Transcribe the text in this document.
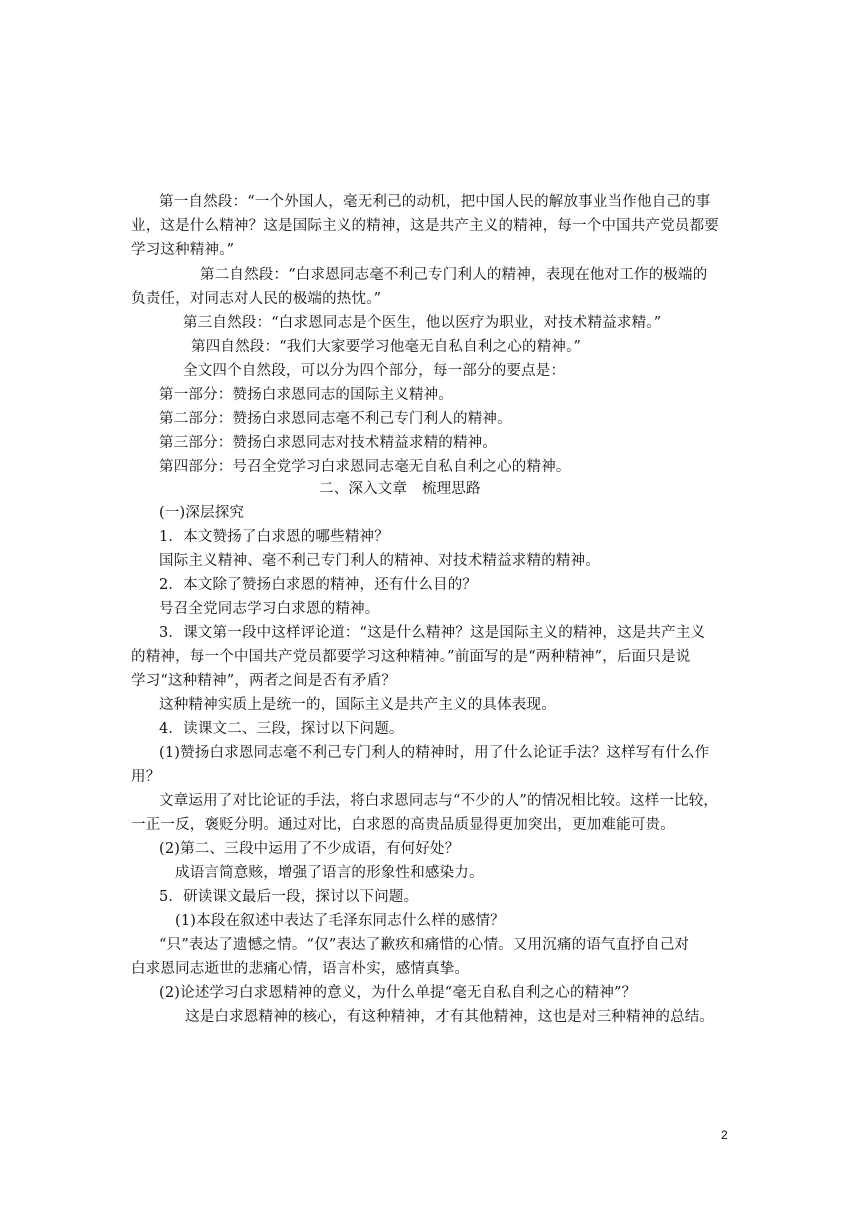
第一自然段：“一个外国人，毫无利己的动机，把中国人民的解放事业当作他自己的事
业，这是什么精神？这是国际主义的精神，这是共产主义的精神，每一个中国共产党员都要
学习这种精神。”
第二自然段：“白求恩同志毫不利己专门利人的精神，表现在他对工作的极端的
负责任，对同志对人民的极端的热忱。”
第三自然段：“白求恩同志是个医生，他以医疗为职业，对技术精益求精。”
第四自然段：“我们大家要学习他毫无自私自利之心的精神。”
全文四个自然段，可以分为四个部分，每一部分的要点是：
第一部分：赞扬白求恩同志的国际主义精神。
第二部分：赞扬白求恩同志毫不利己专门利人的精神。
第三部分：赞扬白求恩同志对技术精益求精的精神。
第四部分：号召全党学习白求恩同志毫无自私自利之心的精神。
二、深入文章　梳理思路
(一)深层探究
1．本文赞扬了白求恩的哪些精神？
国际主义精神、毫不利己专门利人的精神、对技术精益求精的精神。
2．本文除了赞扬白求恩的精神，还有什么目的？
号召全党同志学习白求恩的精神。
3．课文第一段中这样评论道：“这是什么精神？这是国际主义的精神，这是共产主义
的精神，每一个中国共产党员都要学习这种精神。”前面写的是“两种精神”，后面只是说
学习“这种精神”，两者之间是否有矛盾？
这种精神实质上是统一的，国际主义是共产主义的具体表现。
4．读课文二、三段，探讨以下问题。
(1)赞扬白求恩同志毫不利己专门利人的精神时，用了什么论证手法？这样写有什么作
用？
文章运用了对比论证的手法，将白求恩同志与“不少的人”的情况相比较。这样一比较，
一正一反，褒贬分明。通过对比，白求恩的高贵品质显得更加突出，更加难能可贵。
(2)第二、三段中运用了不少成语，有何好处？
成语言简意赅，增强了语言的形象性和感染力。
5．研读课文最后一段，探讨以下问题。
(1)本段在叙述中表达了毛泽东同志什么样的感情？
“只”表达了遗憾之情。“仅”表达了歉疚和痛惜的心情。又用沉痛的语气直抒自己对
白求恩同志逝世的悲痛心情，语言朴实，感情真挚。
(2)论述学习白求恩精神的意义，为什么单提“毫无自私自利之心的精神”？
这是白求恩精神的核心，有这种精神，才有其他精神，这也是对三种精神的总结。
2
